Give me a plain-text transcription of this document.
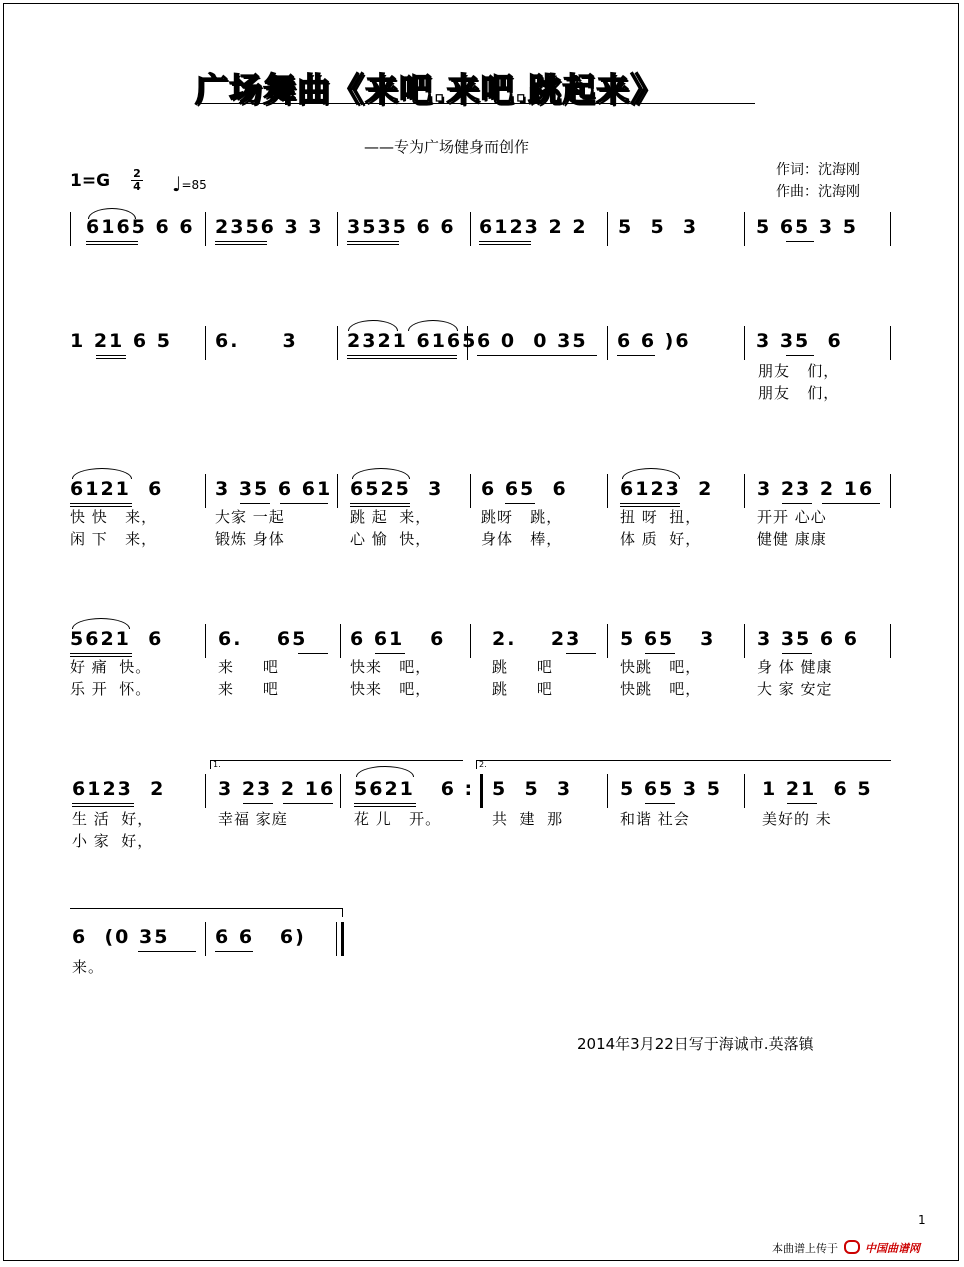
广场舞曲《来吧.来吧.跳起来》
——专为广场健身而创作
作词：沈海刚
作曲：沈海刚
1=G 2
4 ♩=85
6165 6 6 2356 3 3 3535 6 6 6123 2 2 5  5  3	5 65 3 5
1 21 6 5 6.     3	2321 6165 6 0  0 35 6 6 )6	3 35  6
朋友   们，
朋友   们，
6121  6	3 35 6 61 6525  3 6 65  6	6123  2 3 23 2 16
快 快   来，	大家 一起	跳 起  来，	跳呀   跳，	扭 呀  扭，	开开 心心
闲 下   来，	锻炼 身体	心 愉  快，	身体   棒，	体 质  好，	健健 康康
5621  6	6.    65 6 61   6 2.    23 5 65   3 3 35 6 6
好 痛  快。	来     吧	快来   吧，	跳     吧	快跳   吧，	身 体 健康
乐 开  怀。	来     吧	快来   吧，	跳     吧	快跳   吧，	大 家 安定
1.	2.
6123  2	3 23 2 16 5621   6 : 5  5  3	5 65 3 5 1 21  6 5
生 活  好，	幸福 家庭	花 儿   开。	共  建  那	和谐 社会	美好的 未
小 家  好，
6  (0 35 6 6   6)
来。
2014年3月22日写于海诚市.英落镇
1
本曲谱上传于 中国曲谱网
